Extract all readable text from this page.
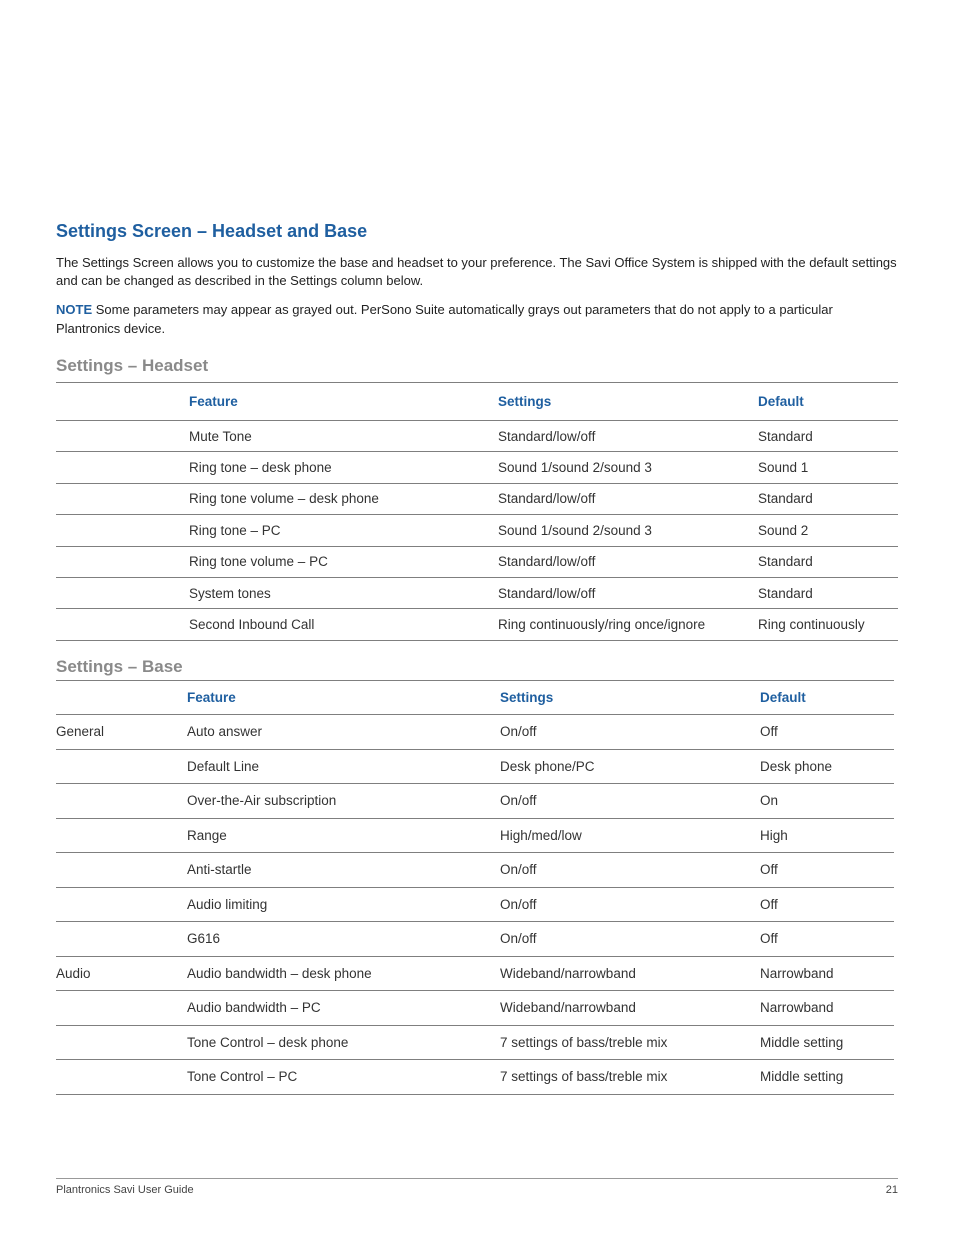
Settings Screen – Headset and Base
The Settings Screen allows you to customize the base and headset to your preference. The Savi Office System is shipped with the default settings and can be changed as described in the Settings column below.
NOTE Some parameters may appear as grayed out. PerSono Suite automatically grays out parameters that do not apply to a particular Plantronics device.
Settings – Headset
	Feature	Settings	Default
	Mute Tone	Standard/low/off	Standard
	Ring tone – desk phone	Sound 1/sound 2/sound 3	Sound 1
	Ring tone volume – desk phone	Standard/low/off	Standard
	Ring tone – PC	Sound 1/sound 2/sound 3	Sound 2
	Ring tone volume – PC	Standard/low/off	Standard
	System tones	Standard/low/off	Standard
	Second Inbound Call	Ring continuously/ring once/ignore	Ring continuously
Settings – Base
	Feature	Settings	Default
General	Auto answer	On/off	Off
	Default Line	Desk phone/PC	Desk phone
	Over-the-Air subscription	On/off	On
	Range	High/med/low	High
	Anti-startle	On/off	Off
	Audio limiting	On/off	Off
	G616	On/off	Off
Audio	Audio bandwidth – desk phone	Wideband/narrowband	Narrowband
	Audio bandwidth – PC	Wideband/narrowband	Narrowband
	Tone Control – desk phone	7 settings of bass/treble mix	Middle setting
	Tone Control – PC	7 settings of bass/treble mix	Middle setting
Plantronics Savi User Guide	21
